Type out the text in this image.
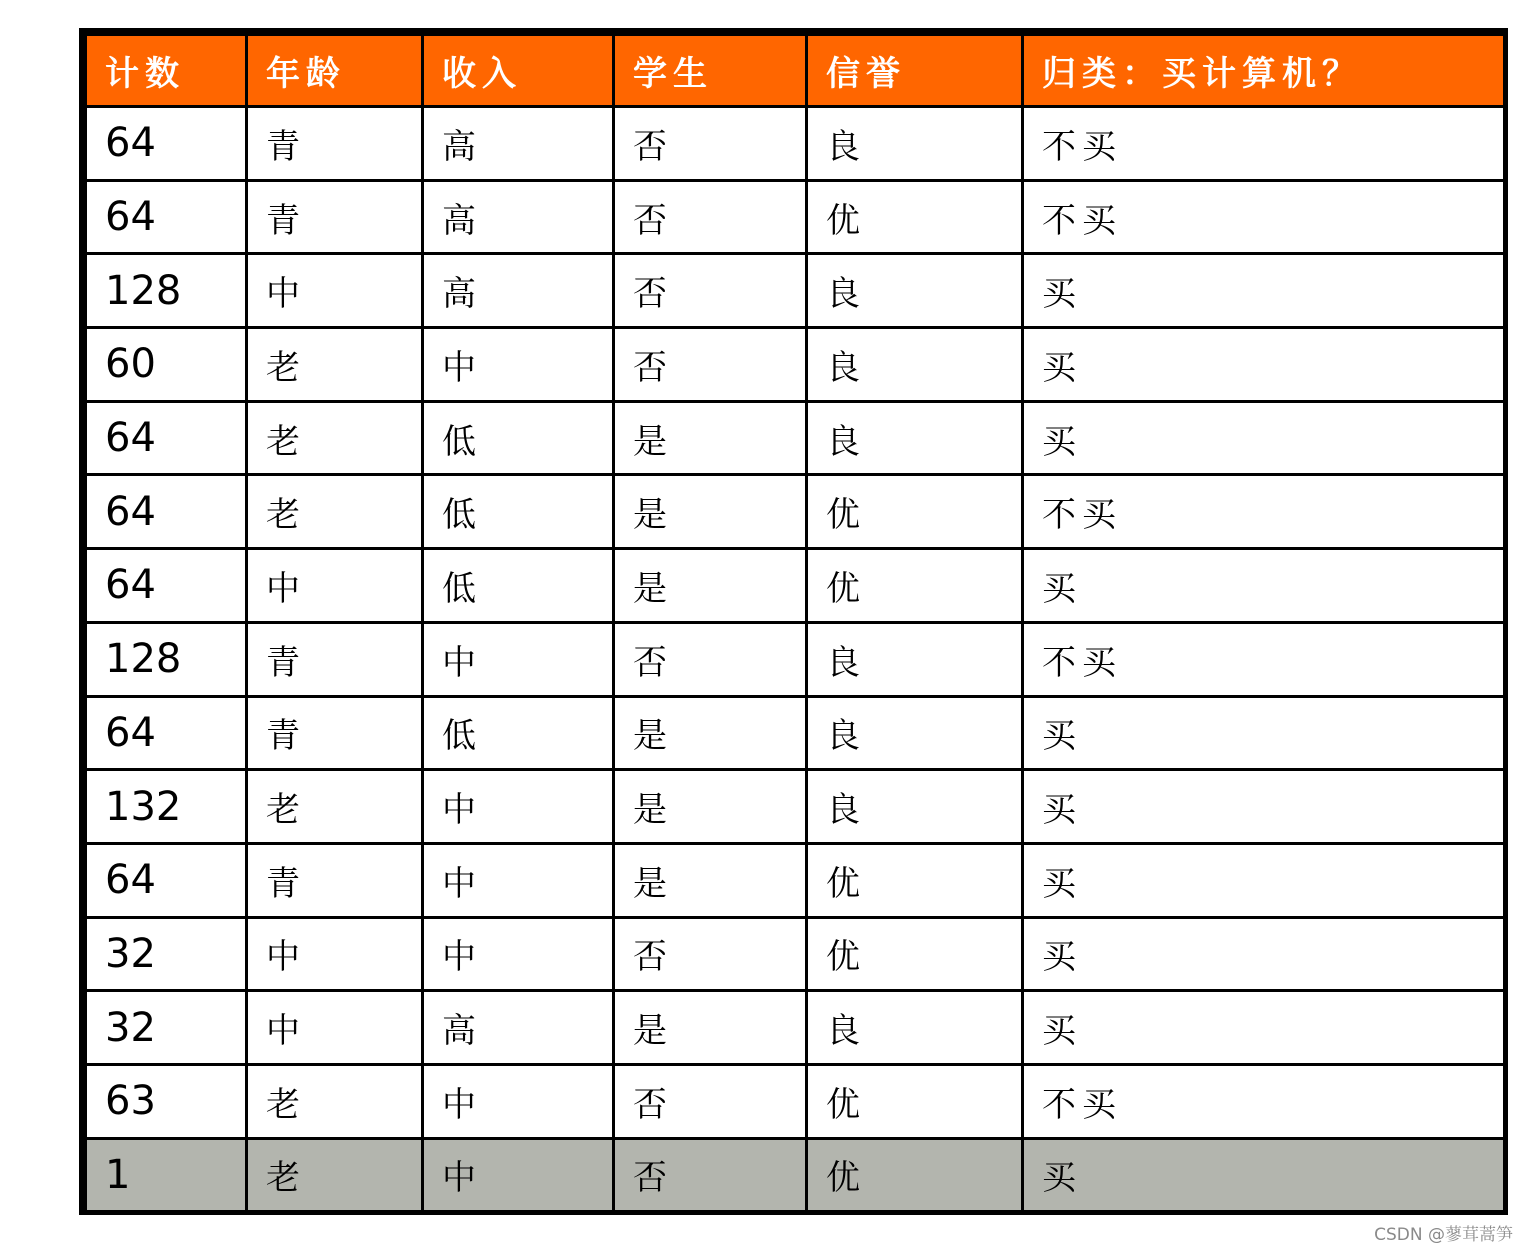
计数	年龄	收入	学生	信誉	归类：买计算机？
64	青	高	否	良	不买
64	青	高	否	优	不买
128	中	高	否	良	买
60	老	中	否	良	买
64	老	低	是	良	买
64	老	低	是	优	不买
64	中	低	是	优	买
128	青	中	否	良	不买
64	青	低	是	良	买
132	老	中	是	良	买
64	青	中	是	优	买
32	中	中	否	优	买
32	中	高	是	良	买
63	老	中	否	优	不买
1	老	中	否	优	买
CSDN @蓼茸蒿笋
